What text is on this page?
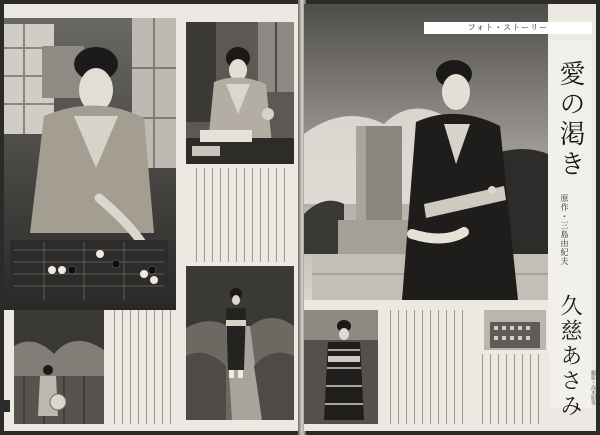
フォト・ストーリー
愛の渇き
原作・三島由紀夫
久慈あさみ	撮影・高木昭男
